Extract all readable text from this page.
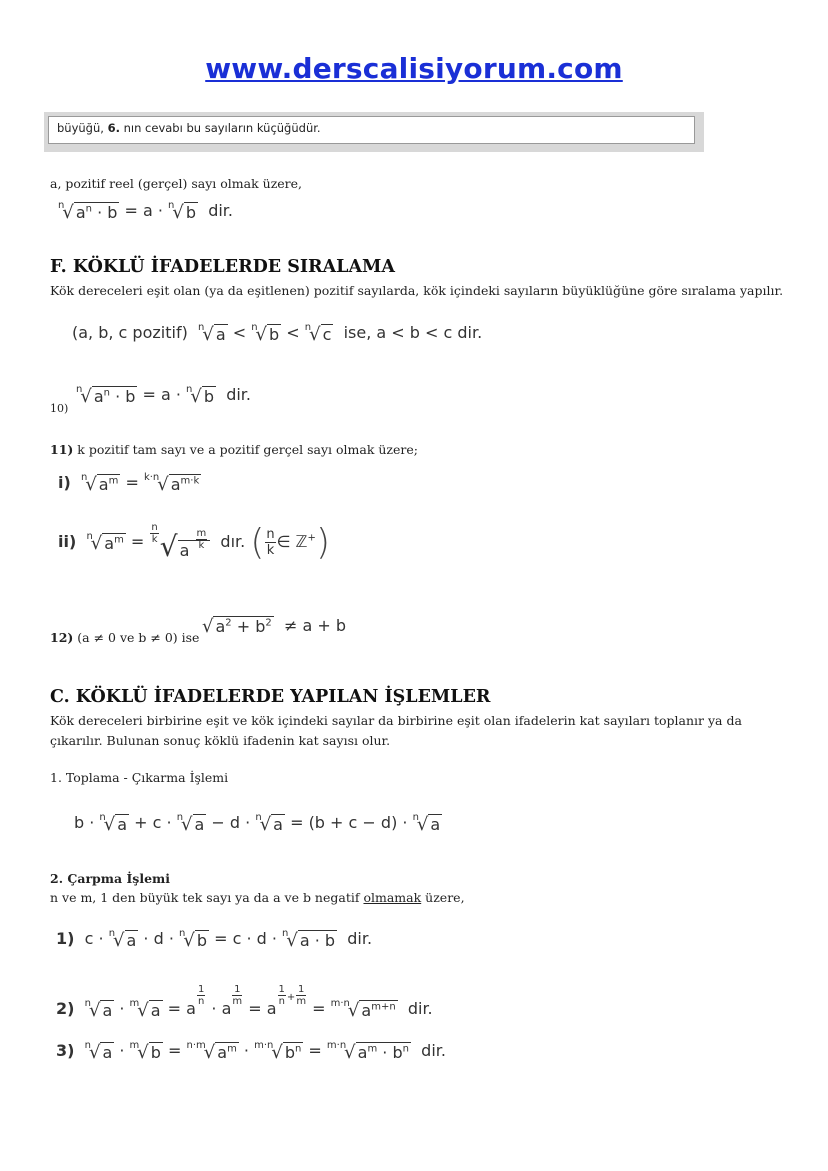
www.derscalisiyorum.com
büyüğü, 6. nın cevabı bu sayıların küçüğüdür.
a, pozitif reel (gerçel) sayı olmak üzere,
$^n$√ $a^n \cdot b = a \cdot ^n√$ b  dir.
F. KÖKLÜ İFADELERDE SIRALAMA
Kök dereceleri eşit olan (ya da eşitlenen) pozitif sayılarda, kök içindeki sayıların büyüklüğüne göre sıralama yapılır.
(a, b, c pozitif) $^n$√ a < $^n$√ b < $^n$√ c ise, a < b < c dir.
10)
$^n$√ $a^n \cdot b = a \cdot ^n√$ b  dir.
11) k pozitif tam sayı ve a pozitif gerçel sayı olmak üzere;
i) $^n$√ $a^m = ^{k\cdot n}√$ $a^{m\cdot k}$
ii) $^n$√ $a^m = \frac{n}{k}$ √ a $\frac{m}{k}$ dır. ( $\frac{n}{k}$ ∈ ℤ+)
12) (a ≠ 0 ve b ≠ 0) ise
√ $a^2 + b^2 \ne a + b$
C. KÖKLÜ İFADELERDE YAPILAN İŞLEMLER
Kök dereceleri birbirine eşit ve kök içindeki sayılar da birbirine eşit olan ifadelerin kat sayıları toplanır ya da çıkarılır. Bulunan sonuç köklü ifadenin kat sayısı olur.
1. Toplama - Çıkarma İşlemi
b · $^n$√ a + c · $^n$√ a − d · $^n$√ a = (b + c − d) · $^n$√ a
2. Çarpma İşlemi
n ve m, 1 den büyük tek sayı ya da a ve b negatif olmamak üzere,
1)  c · $^n$√ a · d · $^n$√ b = c · d · $^n$√ a · b  dir.
2) $^n$√ a · $^m$√ a = a
$\frac{1}{n}$
· a
$\frac{1}{m}$
= a
$\frac{1}{n} ^+ \frac{1}{m}$
= $^{m\cdot n}$√ $a^{m+n}$  dir.
3) $^n$√ a · $^m$√ b = $^{n\cdot m}$√ $a^m \cdot ^{m\cdot n}√$ $b^n = ^{m\cdot n}√$ $a^m \cdot b^n$  dir.
